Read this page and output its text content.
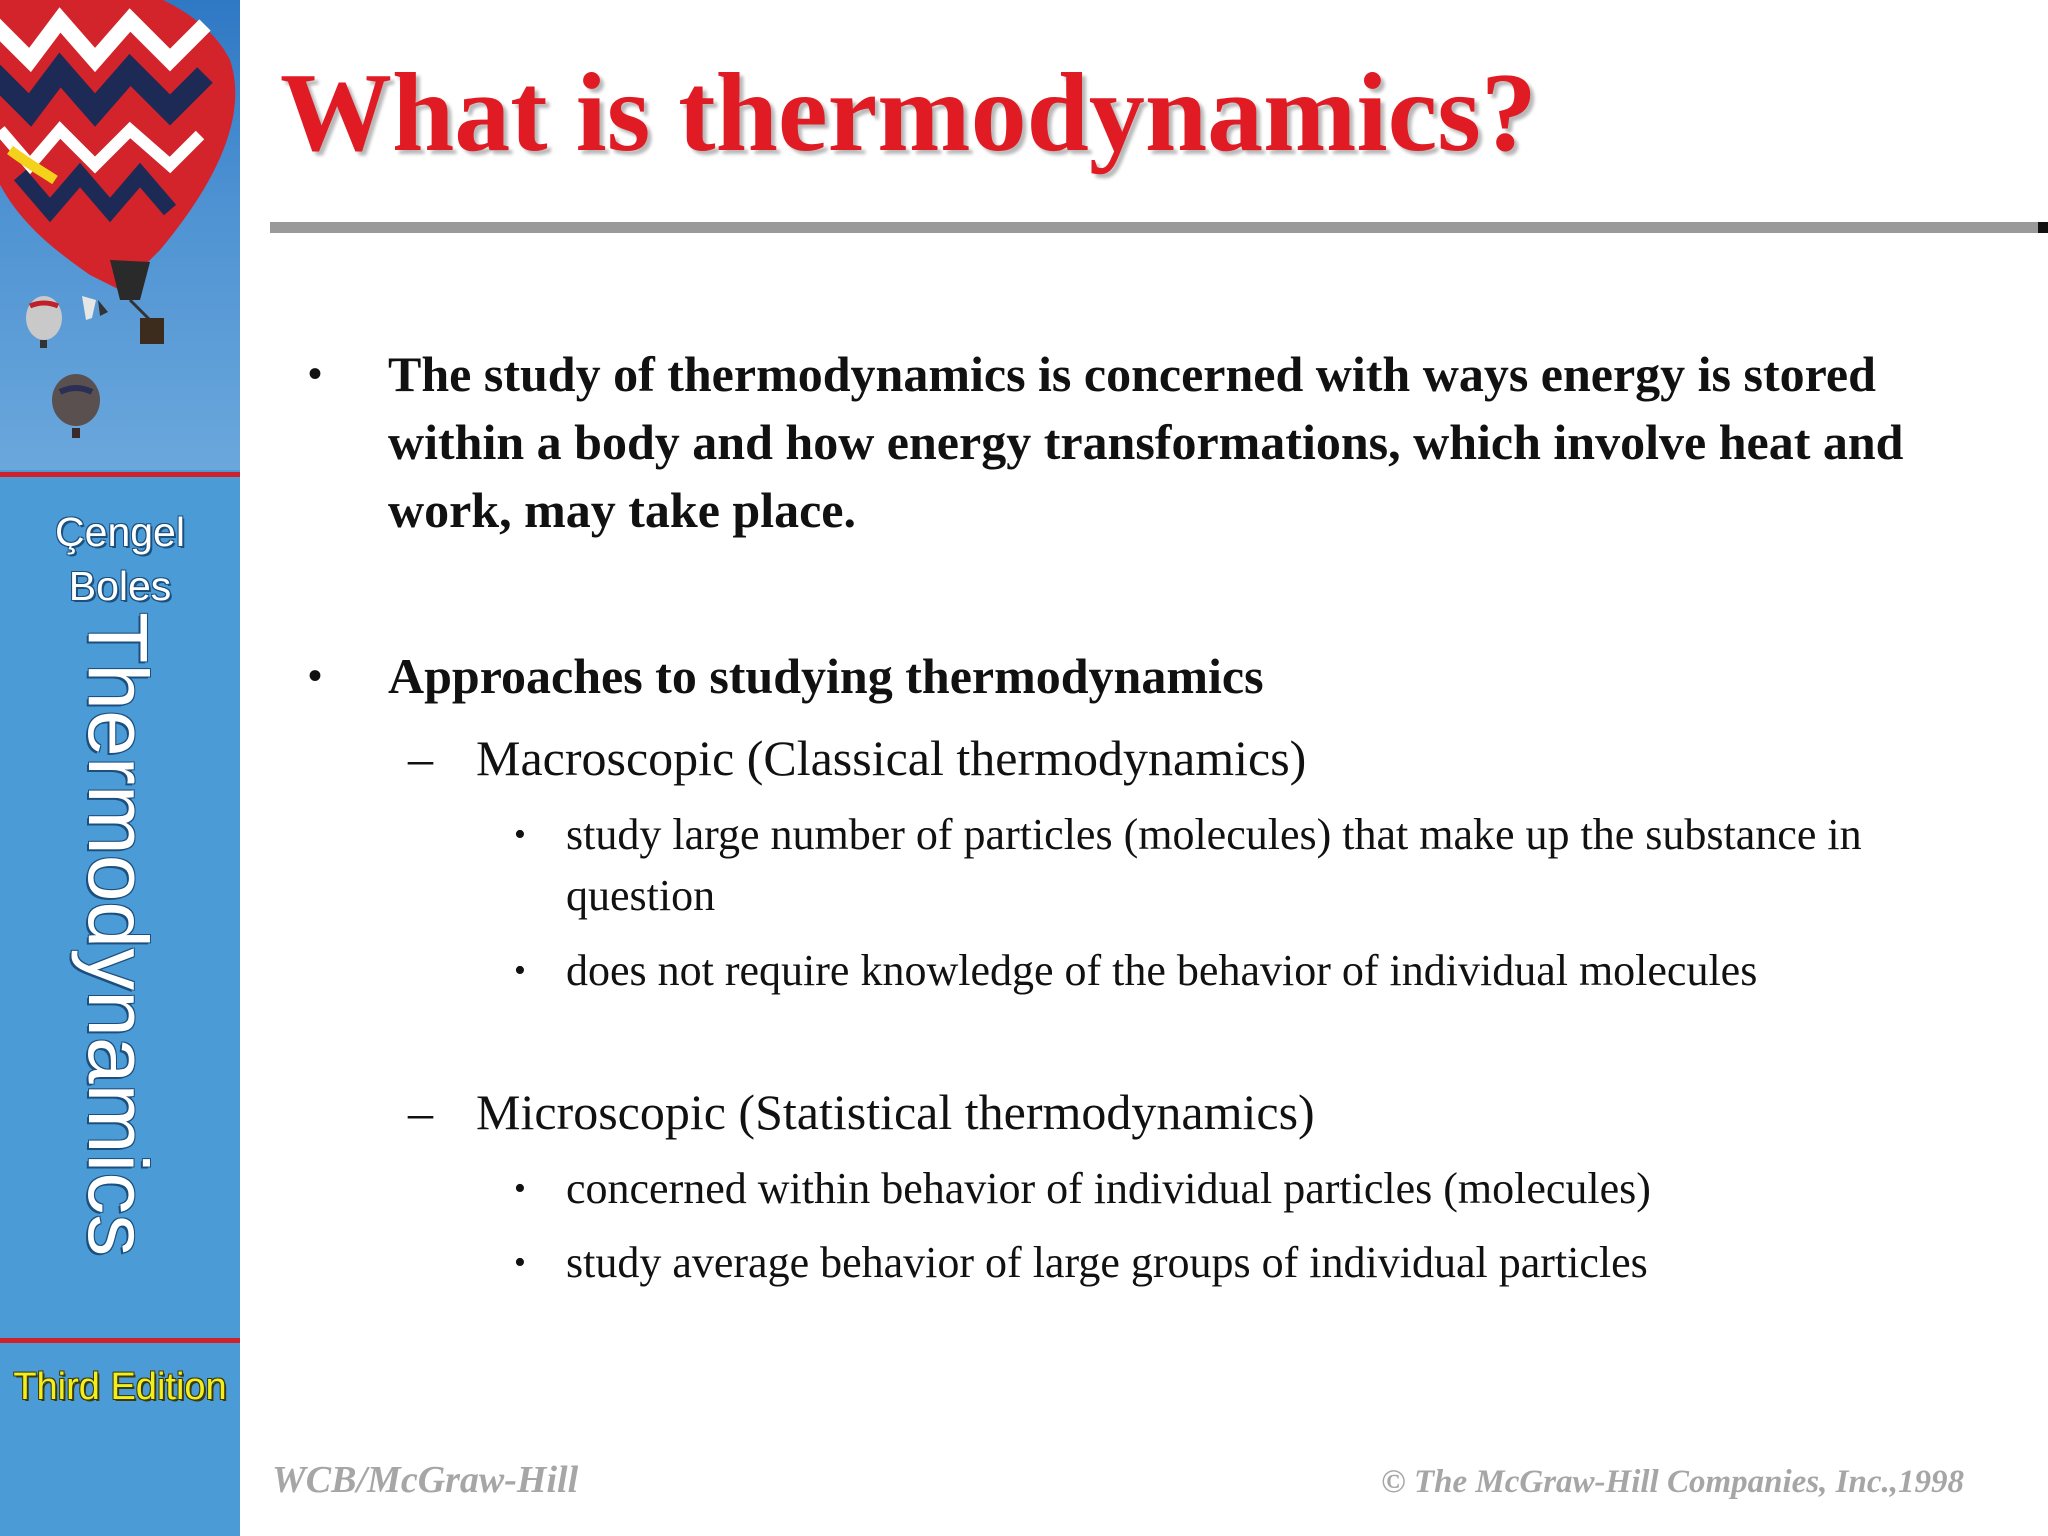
Çengel
Boles
Thermodynamics
Third Edition
What is thermodynamics?
• The study of thermodynamics is concerned with ways energy is stored within a body and how energy transformations, which involve heat and work, may take place.
• Approaches to studying thermodynamics
– Macroscopic (Classical thermodynamics)
• study large number of particles (molecules) that make up the substance in question
• does not require knowledge of the behavior of individual molecules
– Microscopic (Statistical thermodynamics)
• concerned within behavior of individual particles (molecules)
• study average behavior of large groups of individual particles
WCB/McGraw-Hill	© The McGraw-Hill Companies, Inc.,1998
